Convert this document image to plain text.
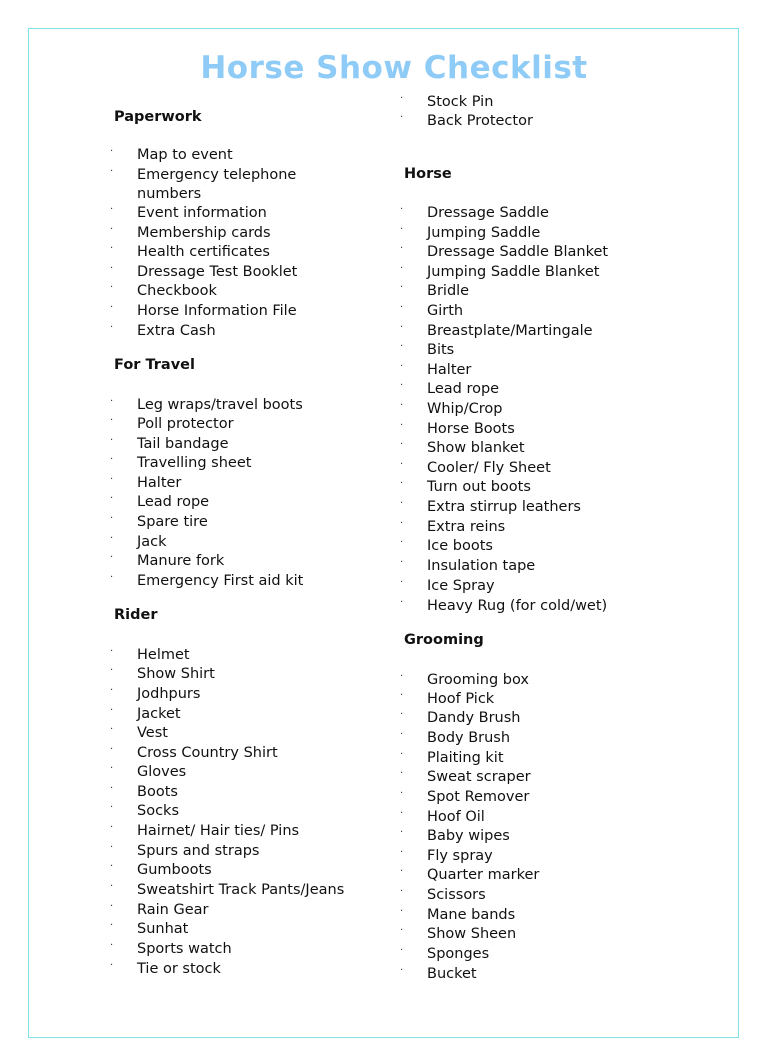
Horse Show Checklist
Paperwork
· Map to event
· Emergency telephone numbers
· Event information
· Membership cards
· Health certificates
· Dressage Test Booklet
· Checkbook
· Horse Information File
· Extra Cash
For Travel
· Leg wraps/travel boots
· Poll protector
· Tail bandage
· Travelling sheet
· Halter
· Lead rope
· Spare tire
· Jack
· Manure fork
· Emergency First aid kit
Rider
· Helmet
· Show Shirt
· Jodhpurs
· Jacket
· Vest
· Cross Country Shirt
· Gloves
· Boots
· Socks
· Hairnet/ Hair ties/ Pins
· Spurs and straps
· Gumboots
· Sweatshirt Track Pants/Jeans
· Rain Gear
· Sunhat
· Sports watch
· Tie or stock
· Stock Pin
· Back Protector
Horse
· Dressage Saddle
· Jumping Saddle
· Dressage Saddle Blanket
· Jumping Saddle Blanket
· Bridle
· Girth
· Breastplate/Martingale
· Bits
· Halter
· Lead rope
· Whip/Crop
· Horse Boots
· Show blanket
· Cooler/ Fly Sheet
· Turn out boots
· Extra stirrup leathers
· Extra reins
· Ice boots
· Insulation tape
· Ice Spray
· Heavy Rug (for cold/wet)
Grooming
· Grooming box
· Hoof Pick
· Dandy Brush
· Body Brush
· Plaiting kit
· Sweat scraper
· Spot Remover
· Hoof Oil
· Baby wipes
· Fly spray
· Quarter marker
· Scissors
· Mane bands
· Show Sheen
· Sponges
· Bucket
